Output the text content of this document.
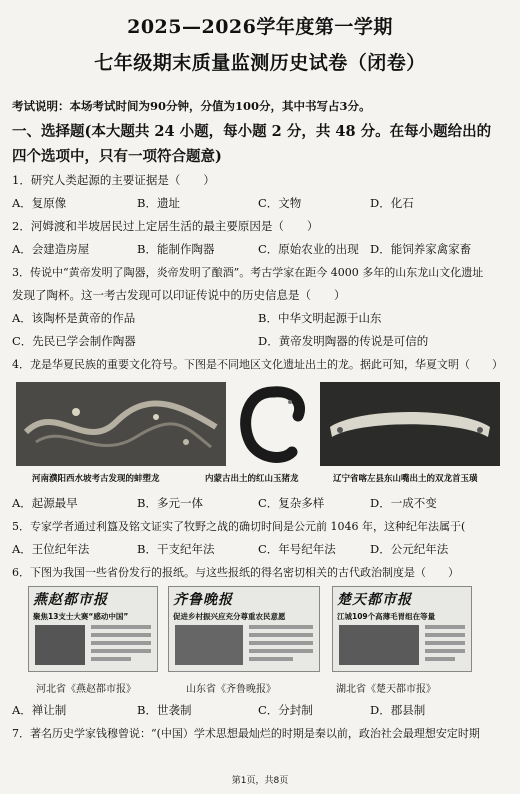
2025—2026学年度第一学期
七年级期末质量监测历史试卷（闭卷）
考试说明：本场考试时间为90分钟，分值为100分，其中书写占3分。
一、选择题(本大题共 24 小题，每小题 2 分，共 48 分。在每小题给出的
四个选项中，只有一项符合题意)
1．研究人类起源的主要证据是（　　）
A．复原像	B．遗址	C．文物	D．化石
2．河姆渡和半坡居民过上定居生活的最主要原因是（　　）
A．会建造房屋	B．能制作陶器	C．原始农业的出现 D．能饲养家禽家畜
3．传说中“黄帝发明了陶器，炎帝发明了酿酒”。考古学家在距今 4000 多年的山东龙山文化遗址
发现了陶杯。这一考古发现可以印证传说中的历史信息是（　　）
A．该陶杯是黄帝的作品	B．中华文明起源于山东
C．先民已学会制作陶器	D．黄帝发明陶器的传说是可信的
4．龙是华夏民族的重要文化符号。下图是不同地区文化遗址出土的龙。据此可知，华夏文明（　　）
河南濮阳西水坡考古发现的蚌塑龙	内蒙古出土的红山玉猪龙	辽宁省喀左县东山嘴出土的双龙首玉璜
A．起源最早	B．多元一体	C．复杂多样	D．一成不变
5．专家学者通过利簋及铭文证实了牧野之战的确切时间是公元前 1046 年，这种纪年法属于(
A．王位纪年法	B．干支纪年法	C．年号纪年法	D．公元纪年法
6．下图为我国一些省份发行的报纸。与这些报纸的得名密切相关的古代政治制度是（　　）
燕赵都市报
聚焦13支士大赛“感动中国”
齐鲁晚报
促进乡村振兴应充分尊重农民意愿
楚天都市报
江城109个高薄毛胃组在等量
河北省《燕赵都市报》	山东省《齐鲁晚报》	湖北省《楚天都市报》
A．禅让制	B．世袭制	C．分封制	D．郡县制
7．著名历史学家钱穆曾说：“(中国）学术思想最灿烂的时期是秦以前，政治社会最理想安定时期
第1页，共8页
